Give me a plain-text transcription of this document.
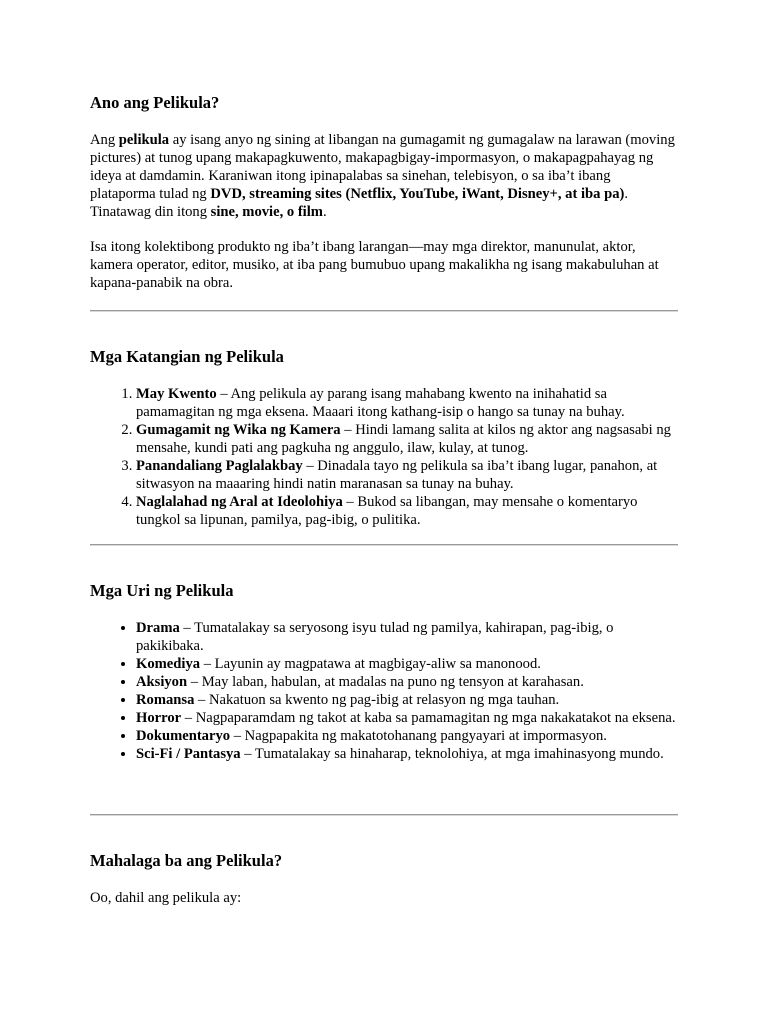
Ano ang Pelikula?

Ang pelikula ay isang anyo ng sining at libangan na gumagamit ng gumagalaw na larawan (moving pictures) at tunog upang makapagkuwento, makapagbigay-impormasyon, o makapagpahayag ng ideya at damdamin. Karaniwan itong ipinapalabas sa sinehan, telebisyon, o sa iba’t ibang plataporma tulad ng DVD, streaming sites (Netflix, YouTube, iWant, Disney+, at iba pa). Tinatawag din itong sine, movie, o film.

Isa itong kolektibong produkto ng iba’t ibang larangan—may mga direktor, manunulat, aktor, kamera operator, editor, musiko, at iba pang bumubuo upang makalikha ng isang makabuluhan at kapana-panabik na obra.

Mga Katangian ng Pelikula
1. May Kwento – Ang pelikula ay parang isang mahabang kwento na inihahatid sa pamamagitan ng mga eksena. Maaari itong kathang-isip o hango sa tunay na buhay.
2. Gumagamit ng Wika ng Kamera – Hindi lamang salita at kilos ng aktor ang nagsasabi ng mensahe, kundi pati ang pagkuha ng anggulo, ilaw, kulay, at tunog.
3. Panandaliang Paglalakbay – Dinadala tayo ng pelikula sa iba’t ibang lugar, panahon, at sitwasyon na maaaring hindi natin maranasan sa tunay na buhay.
4. Naglalahad ng Aral at Ideolohiya – Bukod sa libangan, may mensahe o komentaryo tungkol sa lipunan, pamilya, pag-ibig, o pulitika.
Mga Uri ng Pelikula
• Drama – Tumatalakay sa seryosong isyu tulad ng pamilya, kahirapan, pag-ibig, o pakikibaka.
• Komediya – Layunin ay magpatawa at magbigay-aliw sa manonood.
• Aksiyon – May laban, habulan, at madalas na puno ng tensyon at karahasan.
• Romansa – Nakatuon sa kwento ng pag-ibig at relasyon ng mga tauhan.
• Horror – Nagpaparamdam ng takot at kaba sa pamamagitan ng mga nakakatakot na eksena.
• Dokumentaryo – Nagpapakita ng makatotohanang pangyayari at impormasyon.
• Sci-Fi / Pantasya – Tumatalakay sa hinaharap, teknolohiya, at mga imahinasyong mundo.
Mahalaga ba ang Pelikula?

Oo, dahil ang pelikula ay:
